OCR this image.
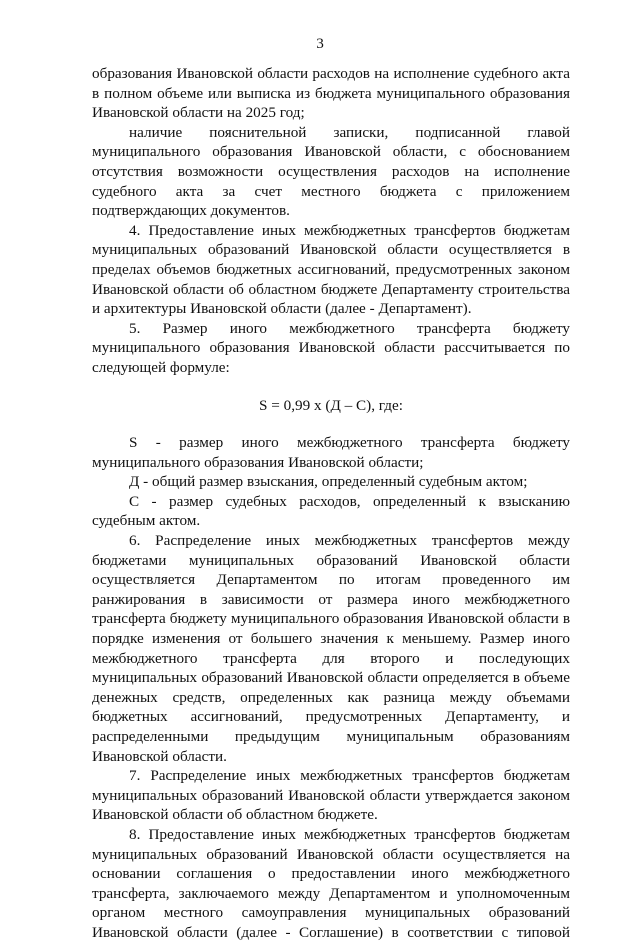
3

образования Ивановской области расходов на исполнение судебного акта в полном объеме или выписка из бюджета муниципального образования Ивановской области на 2025 год;

наличие пояснительной записки, подписанной главой муниципального образования Ивановской области, с обоснованием отсутствия возможности осуществления расходов на исполнение судебного акта за счет местного бюджета с приложением подтверждающих документов.

4. Предоставление иных межбюджетных трансфертов бюджетам муниципальных образований Ивановской области осуществляется в пределах объемов бюджетных ассигнований, предусмотренных законом Ивановской области об областном бюджете Департаменту строительства и архитектуры Ивановской области (далее - Департамент).

5. Размер иного межбюджетного трансферта бюджету муниципального образования Ивановской области рассчитывается по следующей формуле:

S = 0,99 х (Д – С), где:

S - размер иного межбюджетного трансферта бюджету муниципального образования Ивановской области;

Д - общий размер взыскания, определенный судебным актом;

С - размер судебных расходов, определенный к взысканию судебным актом.

6. Распределение иных межбюджетных трансфертов между бюджетами муниципальных образований Ивановской области осуществляется Департаментом по итогам проведенного им ранжирования в зависимости от размера иного межбюджетного трансферта бюджету муниципального образования Ивановской области в порядке изменения от большего значения к меньшему. Размер иного межбюджетного трансферта для второго и последующих муниципальных образований Ивановской области определяется в объеме денежных средств, определенных как разница между объемами бюджетных ассигнований, предусмотренных Департаменту, и распределенными предыдущим муниципальным образованиям Ивановской области.

7. Распределение иных межбюджетных трансфертов бюджетам муниципальных образований Ивановской области утверждается законом Ивановской области об областном бюджете.

8. Предоставление иных межбюджетных трансфертов бюджетам муниципальных образований Ивановской области осуществляется на основании соглашения о предоставлении иного межбюджетного трансферта, заключаемого между Департаментом и уполномоченным органом местного самоуправления муниципальных образований Ивановской области (далее - Соглашение) в соответствии с типовой
